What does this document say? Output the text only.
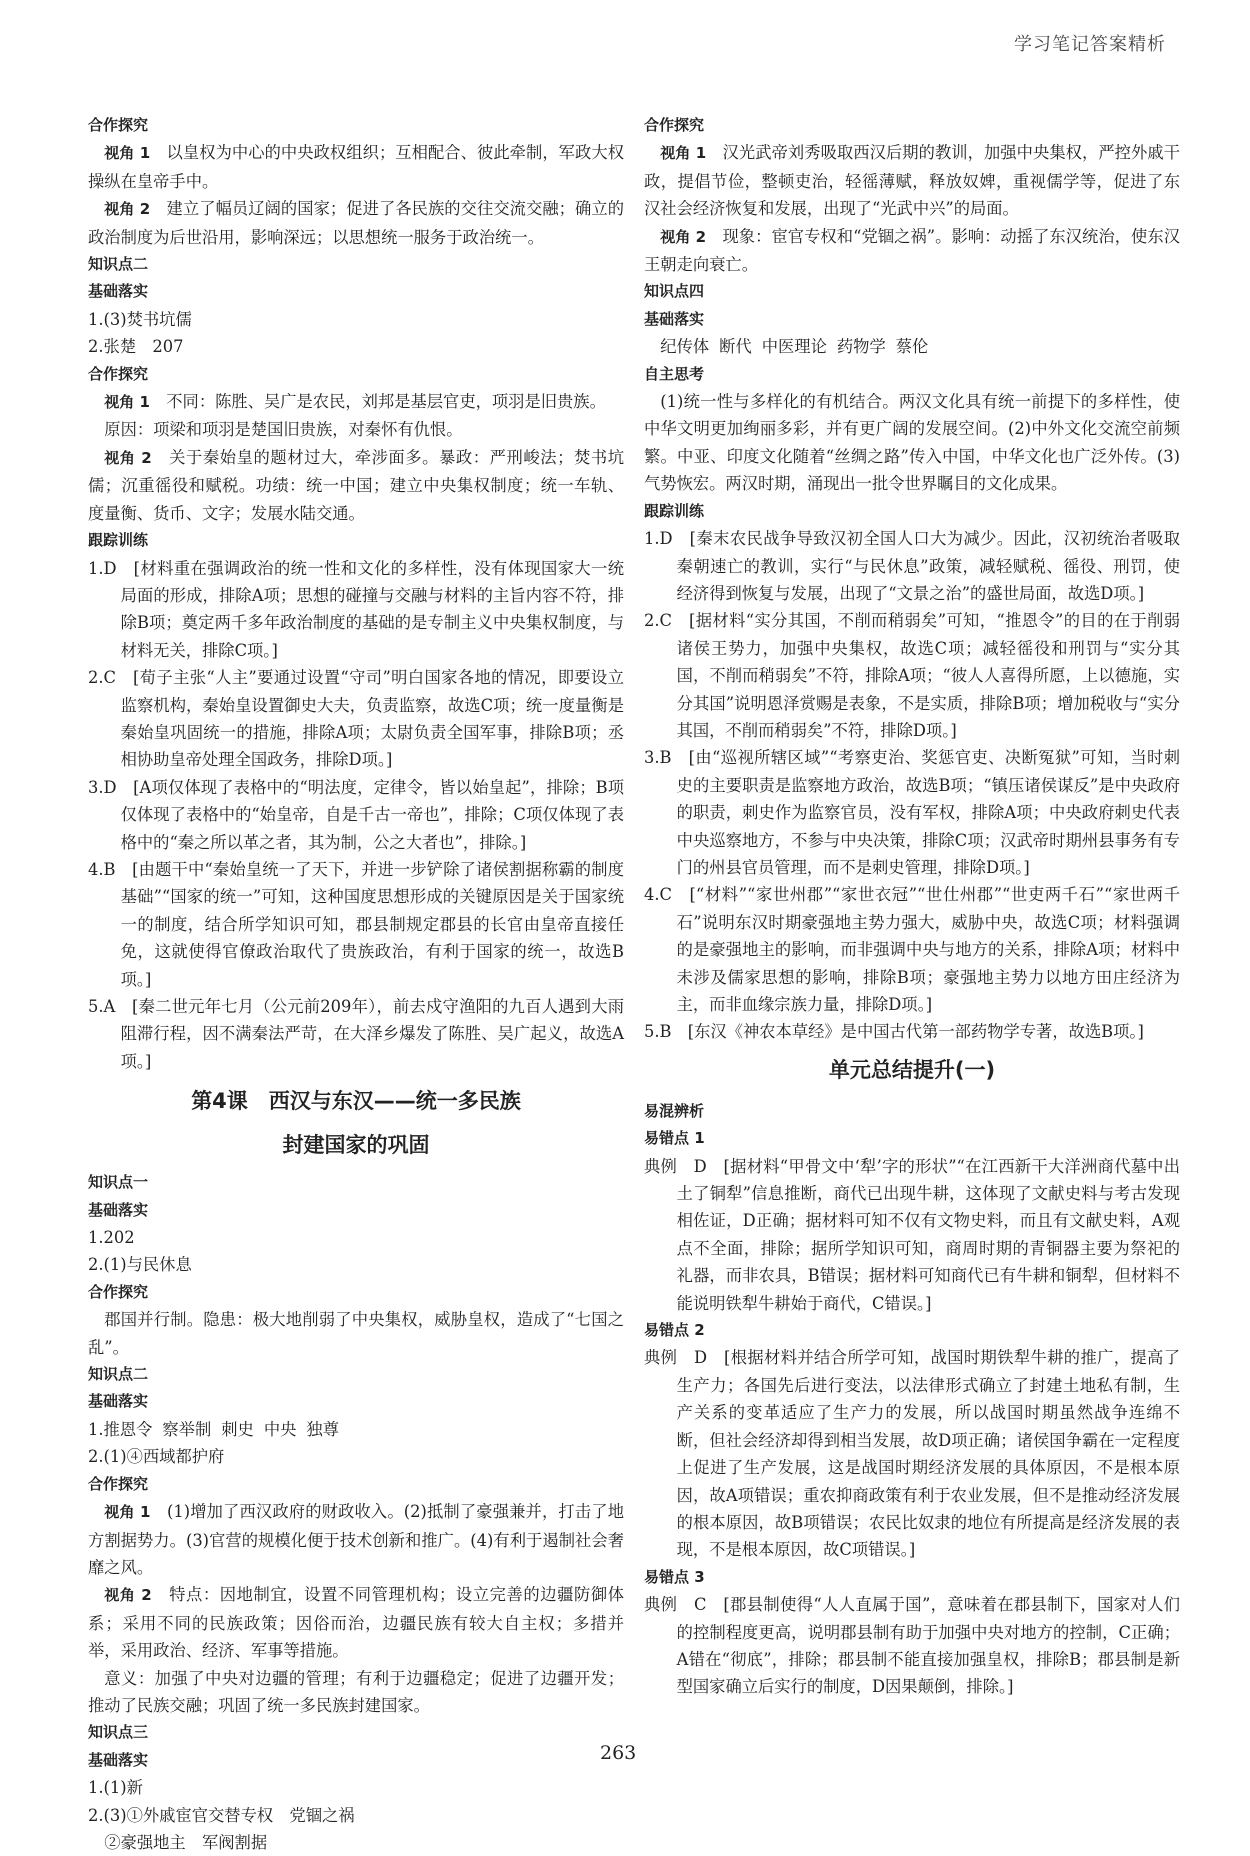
学习笔记答案精析
合作探究
视角 1　 以皇权为中心的中央政权组织；互相配合、彼此牵制，军政大权操纵在皇帝手中。
视角 2　 建立了幅员辽阔的国家；促进了各民族的交往交流交融；确立的政治制度为后世沿用，影响深远；以思想统一服务于政治统一。
知识点二
基础落实
1.(3)焚书坑儒
2.张楚　207
合作探究
视角 1　 不同：陈胜、吴广是农民，刘邦是基层官吏，项羽是旧贵族。
原因：项梁和项羽是楚国旧贵族，对秦怀有仇恨。
视角 2　 关于秦始皇的题材过大，牵涉面多。暴政：严刑峻法；焚书坑儒；沉重徭役和赋税。功绩：统一中国；建立中央集权制度；统一车轨、度量衡、货币、文字；发展水陆交通。
跟踪训练
1.D　[材料重在强调政治的统一性和文化的多样性，没有体现国家大一统局面的形成，排除A项；思想的碰撞与交融与材料的主旨内容不符，排除B项；奠定两千多年政治制度的基础的是专制主义中央集权制度，与材料无关，排除C项。]
2.C　[荀子主张“人主”要通过设置“守司”明白国家各地的情况，即要设立监察机构，秦始皇设置御史大夫，负责监察，故选C项；统一度量衡是秦始皇巩固统一的措施，排除A项；太尉负责全国军事，排除B项；丞相协助皇帝处理全国政务，排除D项。]
3.D　[A项仅体现了表格中的“明法度，定律令，皆以始皇起”，排除；B项仅体现了表格中的“始皇帝，自是千古一帝也”，排除；C项仅体现了表格中的“秦之所以革之者，其为制，公之大者也”，排除。]
4.B　[由题干中“秦始皇统一了天下，并进一步铲除了诸侯割据称霸的制度基础”“国家的统一”可知，这种国度思想形成的关键原因是关于国家统一的制度，结合所学知识可知，郡县制规定郡县的长官由皇帝直接任免，这就使得官僚政治取代了贵族政治，有利于国家的统一，故选B项。]
5.A　[秦二世元年七月（公元前209年），前去戍守渔阳的九百人遇到大雨阻滞行程，因不满秦法严苛，在大泽乡爆发了陈胜、吴广起义，故选A项。]
第4课　西汉与东汉——统一多民族
封建国家的巩固
知识点一
基础落实
1.202
2.(1)与民休息
合作探究
郡国并行制。隐患：极大地削弱了中央集权，威胁皇权，造成了“七国之乱”。
知识点二
基础落实
1.推恩令 察举制 刺史 中央 独尊
2.(1)④西域都护府
合作探究
视角 1　 (1)增加了西汉政府的财政收入。(2)抵制了豪强兼并，打击了地方割据势力。(3)官营的规模化便于技术创新和推广。(4)有利于遏制社会奢靡之风。
视角 2　 特点：因地制宜，设置不同管理机构；设立完善的边疆防御体系；采用不同的民族政策；因俗而治，边疆民族有较大自主权；多措并举，采用政治、经济、军事等措施。
意义：加强了中央对边疆的管理；有利于边疆稳定；促进了边疆开发；推动了民族交融；巩固了统一多民族封建国家。
知识点三
基础落实
1.(1)新
2.(3)①外戚宦官交替专权　党锢之祸
②豪强地主　军阀割据
合作探究
视角 1　 汉光武帝刘秀吸取西汉后期的教训，加强中央集权，严控外戚干政，提倡节俭，整顿吏治，轻徭薄赋，释放奴婢，重视儒学等，促进了东汉社会经济恢复和发展，出现了“光武中兴”的局面。
视角 2　 现象：宦官专权和“党锢之祸”。影响：动摇了东汉统治，使东汉王朝走向衰亡。
知识点四
基础落实
纪传体 断代 中医理论 药物学 蔡伦
自主思考
(1)统一性与多样化的有机结合。两汉文化具有统一前提下的多样性，使中华文明更加绚丽多彩，并有更广阔的发展空间。(2)中外文化交流空前频繁。中亚、印度文化随着“丝绸之路”传入中国，中华文化也广泛外传。(3)气势恢宏。两汉时期，涌现出一批令世界瞩目的文化成果。
跟踪训练
1.D　[秦末农民战争导致汉初全国人口大为减少。因此，汉初统治者吸取秦朝速亡的教训，实行“与民休息”政策，减轻赋税、徭役、刑罚，使经济得到恢复与发展，出现了“文景之治”的盛世局面，故选D项。]
2.C　[据材料“实分其国，不削而稍弱矣”可知，“推恩令”的目的在于削弱诸侯王势力，加强中央集权，故选C项；减轻徭役和刑罚与“实分其国，不削而稍弱矣”不符，排除A项；“彼人人喜得所愿，上以德施，实分其国”说明恩泽赏赐是表象，不是实质，排除B项；增加税收与“实分其国，不削而稍弱矣”不符，排除D项。]
3.B　[由“巡视所辖区域”“考察吏治、奖惩官吏、决断冤狱”可知，当时刺史的主要职责是监察地方政治，故选B项；“镇压诸侯谋反”是中央政府的职责，刺史作为监察官员，没有军权，排除A项；中央政府刺史代表中央巡察地方，不参与中央决策，排除C项；汉武帝时期州县事务有专门的州县官员管理，而不是刺史管理，排除D项。]
4.C　[“材料”“家世州郡”“家世衣冠”“世仕州郡”“世吏两千石”“家世两千石”说明东汉时期豪强地主势力强大，威胁中央，故选C项；材料强调的是豪强地主的影响，而非强调中央与地方的关系，排除A项；材料中未涉及儒家思想的影响，排除B项；豪强地主势力以地方田庄经济为主，而非血缘宗族力量，排除D项。]
5.B　[东汉《神农本草经》是中国古代第一部药物学专著，故选B项。]
单元总结提升(一)
易混辨析
易错点 1
典例　D　[据材料“甲骨文中‘犁’字的形状”“在江西新干大洋洲商代墓中出土了铜犁”信息推断，商代已出现牛耕，这体现了文献史料与考古发现相佐证，D正确；据材料可知不仅有文物史料，而且有文献史料，A观点不全面，排除；据所学知识可知，商周时期的青铜器主要为祭祀的礼器，而非农具，B错误；据材料可知商代已有牛耕和铜犁，但材料不能说明铁犁牛耕始于商代，C错误。]
易错点 2
典例　D　[根据材料并结合所学可知，战国时期铁犁牛耕的推广，提高了生产力；各国先后进行变法，以法律形式确立了封建土地私有制，生产关系的变革适应了生产力的发展，所以战国时期虽然战争连绵不断，但社会经济却得到相当发展，故D项正确；诸侯国争霸在一定程度上促进了生产发展，这是战国时期经济发展的具体原因，不是根本原因，故A项错误；重农抑商政策有利于农业发展，但不是推动经济发展的根本原因，故B项错误；农民比奴隶的地位有所提高是经济发展的表现，不是根本原因，故C项错误。]
易错点 3
典例　C　[郡县制使得“人人直属于国”，意味着在郡县制下，国家对人们的控制程度更高，说明郡县制有助于加强中央对地方的控制，C正确；A错在“彻底”，排除；郡县制不能直接加强皇权，排除B；郡县制是新型国家确立后实行的制度，D因果颠倒，排除。]
263
